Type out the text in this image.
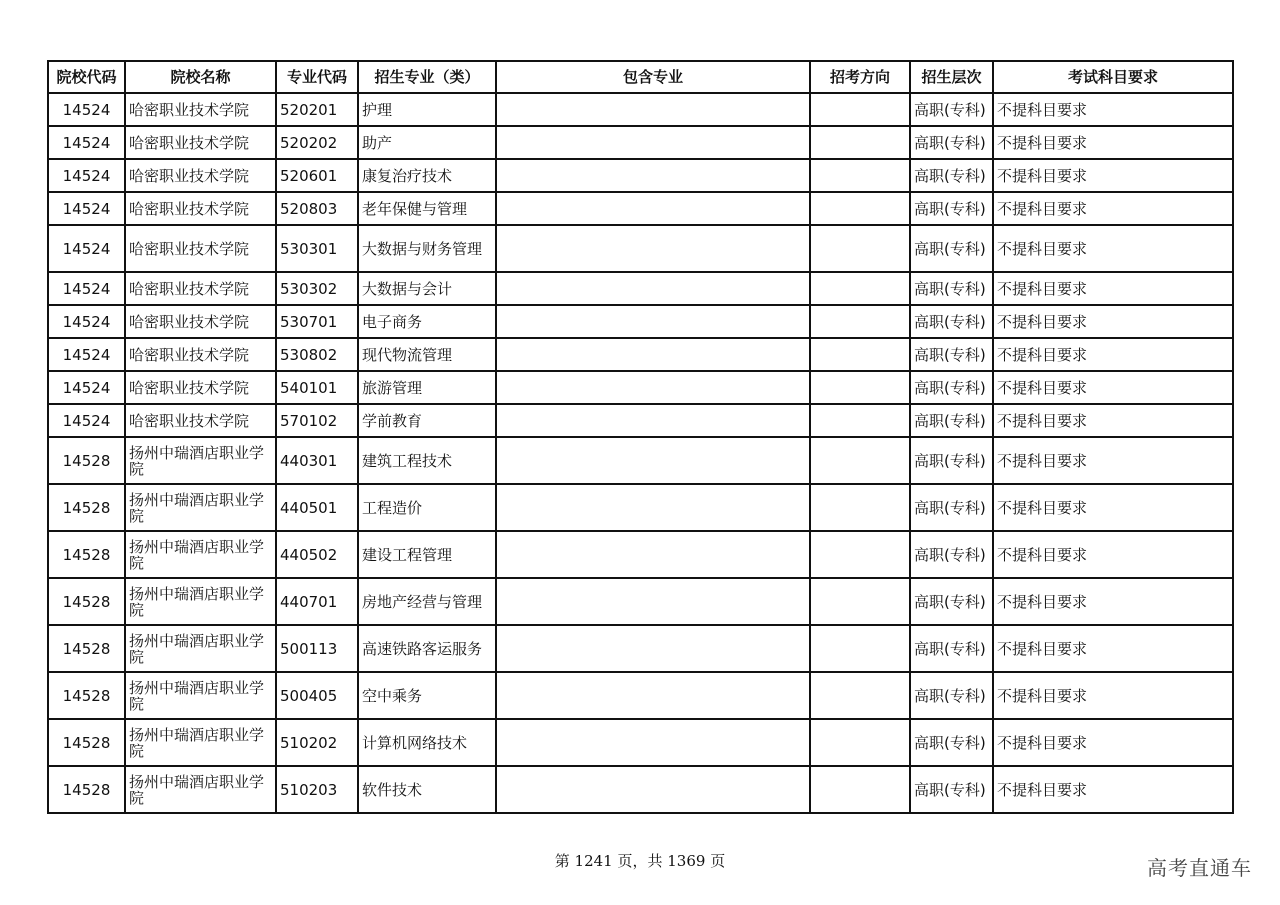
院校代码	院校名称	专业代码	招生专业（类）	包含专业	招考方向	招生层次	考试科目要求
14524	哈密职业技术学院	520201	护理			高职(专科)	不提科目要求
14524	哈密职业技术学院	520202	助产			高职(专科)	不提科目要求
14524	哈密职业技术学院	520601	康复治疗技术			高职(专科)	不提科目要求
14524	哈密职业技术学院	520803	老年保健与管理			高职(专科)	不提科目要求
14524	哈密职业技术学院	530301	大数据与财务管理			高职(专科)	不提科目要求
14524	哈密职业技术学院	530302	大数据与会计			高职(专科)	不提科目要求
14524	哈密职业技术学院	530701	电子商务			高职(专科)	不提科目要求
14524	哈密职业技术学院	530802	现代物流管理			高职(专科)	不提科目要求
14524	哈密职业技术学院	540101	旅游管理			高职(专科)	不提科目要求
14524	哈密职业技术学院	570102	学前教育			高职(专科)	不提科目要求
14528	扬州中瑞酒店职业学院	440301	建筑工程技术			高职(专科)	不提科目要求
14528	扬州中瑞酒店职业学院	440501	工程造价			高职(专科)	不提科目要求
14528	扬州中瑞酒店职业学院	440502	建设工程管理			高职(专科)	不提科目要求
14528	扬州中瑞酒店职业学院	440701	房地产经营与管理			高职(专科)	不提科目要求
14528	扬州中瑞酒店职业学院	500113	高速铁路客运服务			高职(专科)	不提科目要求
14528	扬州中瑞酒店职业学院	500405	空中乘务			高职(专科)	不提科目要求
14528	扬州中瑞酒店职业学院	510202	计算机网络技术			高职(专科)	不提科目要求
14528	扬州中瑞酒店职业学院	510203	软件技术			高职(专科)	不提科目要求
第 1241 页，共 1369 页	高考直通车
